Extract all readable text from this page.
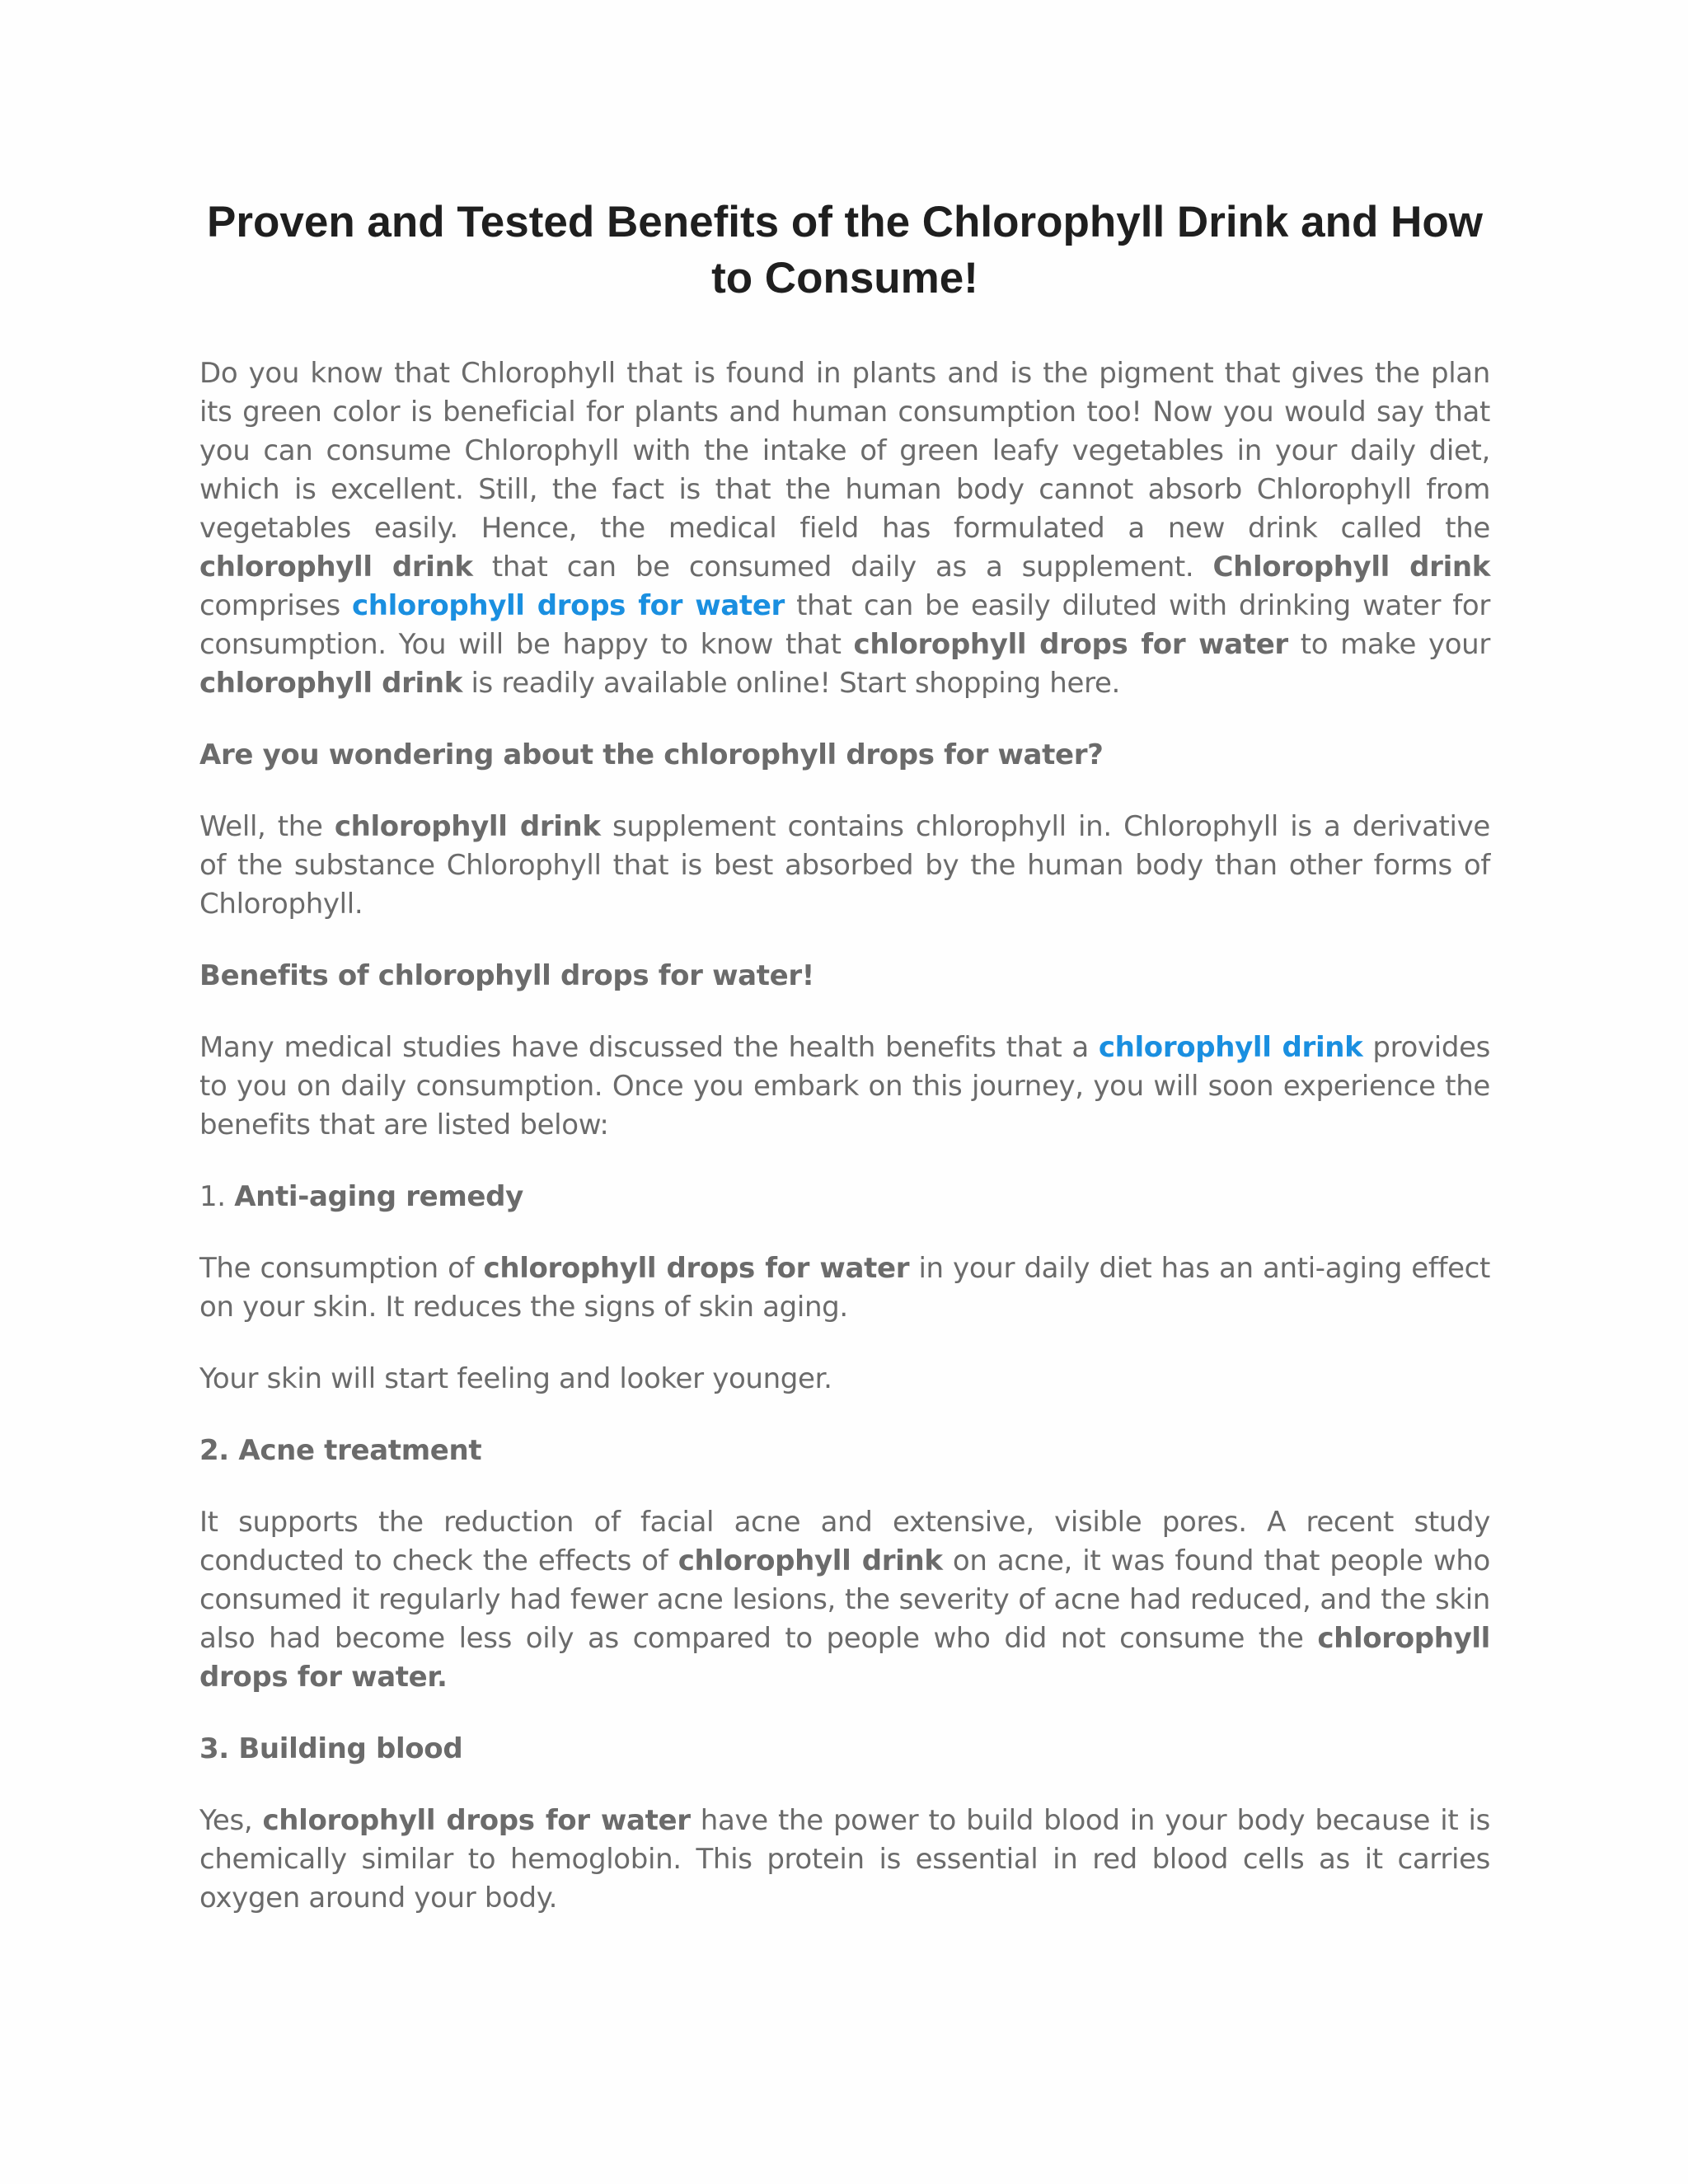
Proven and Tested Benefits of the Chlorophyll Drink and How to Consume!

Do you know that Chlorophyll that is found in plants and is the pigment that gives the plan its green color is beneficial for plants and human consumption too! Now you would say that you can consume Chlorophyll with the intake of green leafy vegetables in your daily diet, which is excellent. Still, the fact is that the human body cannot absorb Chlorophyll from vegetables easily. Hence, the medical field has formulated a new drink called the chlorophyll drink that can be consumed daily as a supplement. Chlorophyll drink comprises chlorophyll drops for water that can be easily diluted with drinking water for consumption. You will be happy to know that chlorophyll drops for water to make your chlorophyll drink is readily available online! Start shopping here.

Are you wondering about the chlorophyll drops for water?

Well, the chlorophyll drink supplement contains chlorophyll in. Chlorophyll is a derivative of the substance Chlorophyll that is best absorbed by the human body than other forms of Chlorophyll.

Benefits of chlorophyll drops for water!

Many medical studies have discussed the health benefits that a chlorophyll drink provides to you on daily consumption. Once you embark on this journey, you will soon experience the benefits that are listed below:

1. Anti-aging remedy

The consumption of chlorophyll drops for water in your daily diet has an anti-aging effect on your skin. It reduces the signs of skin aging.

Your skin will start feeling and looker younger.

2. Acne treatment

It supports the reduction of facial acne and extensive, visible pores. A recent study conducted to check the effects of chlorophyll drink on acne, it was found that people who consumed it regularly had fewer acne lesions, the severity of acne had reduced, and the skin also had become less oily as compared to people who did not consume the chlorophyll drops for water.

3. Building blood

Yes, chlorophyll drops for water have the power to build blood in your body because it is chemically similar to hemoglobin. This protein is essential in red blood cells as it carries oxygen around your body.
